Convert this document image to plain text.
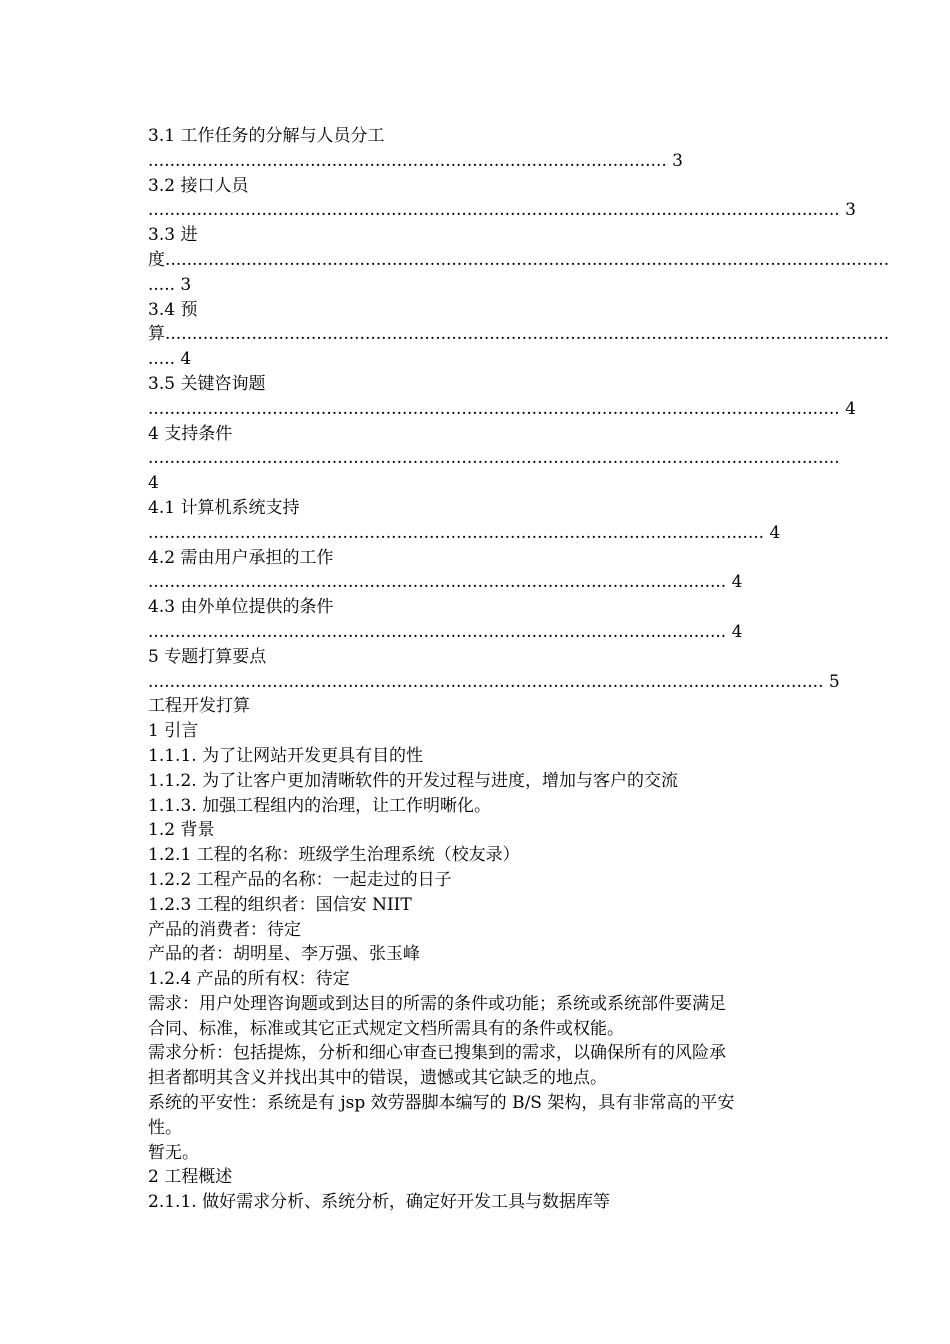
3.1 工作任务的分解与人员分工
................................................................................................ 3
3.2 接口人员
................................................................................................................................ 3
3.3 进
度......................................................................................................................................
..... 3
3.4 预
算......................................................................................................................................
..... 4
3.5 关键咨询题
................................................................................................................................ 4
4 支持条件
................................................................................................................................
4
4.1 计算机系统支持
.................................................................................................................. 4
4.2 需由用户承担的工作
........................................................................................................... 4
4.3 由外单位提供的条件
........................................................................................................... 4
5 专题打算要点
............................................................................................................................. 5
工程开发打算
1 引言
1.1.1. 为了让网站开发更具有目的性
1.1.2. 为了让客户更加清晰软件的开发过程与进度，增加与客户的交流
1.1.3. 加强工程组内的治理，让工作明晰化。
1.2 背景
1.2.1 工程的名称：班级学生治理系统（校友录）
1.2.2 工程产品的名称：一起走过的日子
1.2.3 工程的组织者：国信安 NIIT
产品的消费者：待定
产品的者：胡明星、李万强、张玉峰
1.2.4 产品的所有权：待定
需求：用户处理咨询题或到达目的所需的条件或功能；系统或系统部件要满足
合同、标准，标准或其它正式规定文档所需具有的条件或权能。
需求分析：包括提炼，分析和细心审查已搜集到的需求，以确保所有的风险承
担者都明其含义并找出其中的错误，遗憾或其它缺乏的地点。
系统的平安性：系统是有 jsp 效劳器脚本编写的 B/S 架构，具有非常高的平安
性。
暂无。
2 工程概述
2.1.1. 做好需求分析、系统分析，确定好开发工具与数据库等
